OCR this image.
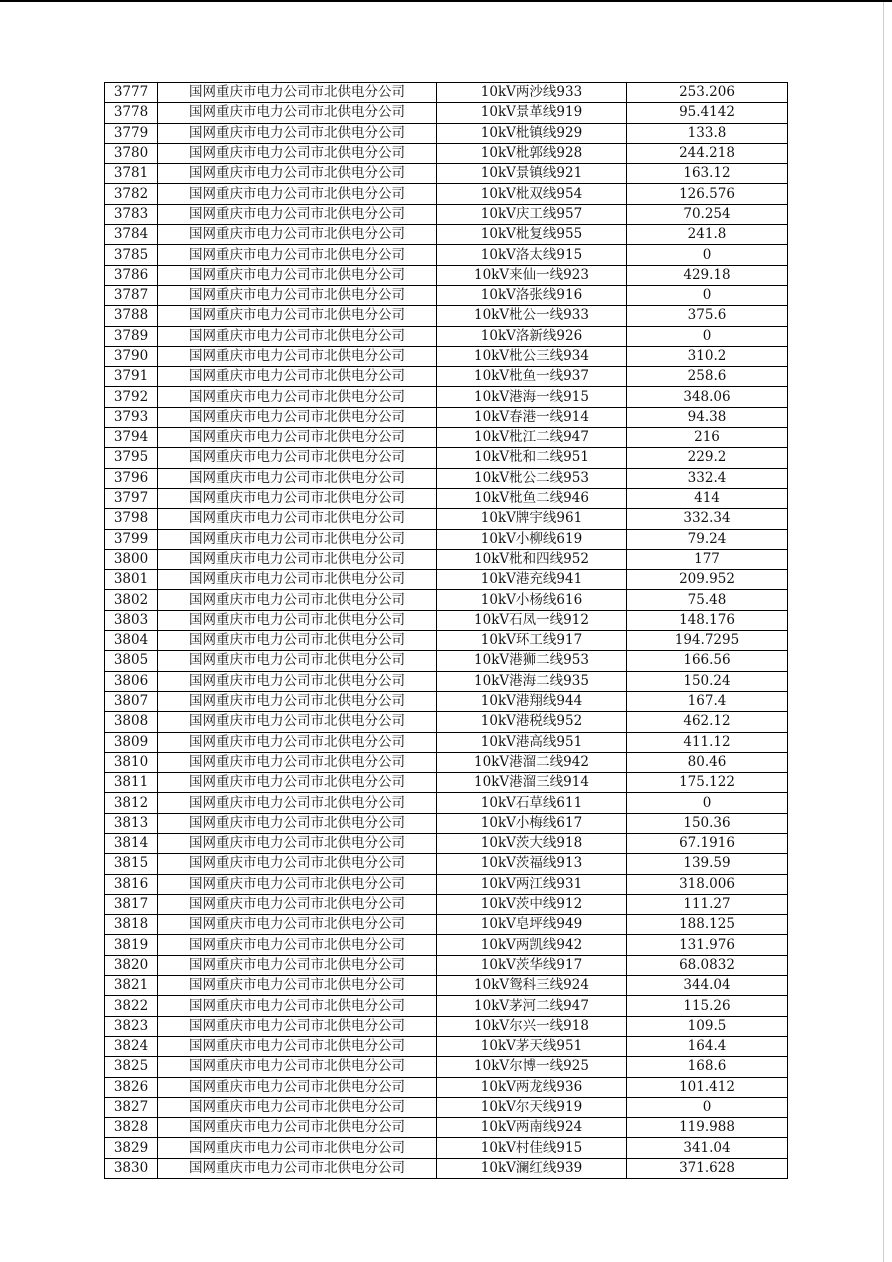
3777	国网重庆市电力公司市北供电分公司	10kV两沙线933	253.206
3778	国网重庆市电力公司市北供电分公司	10kV景革线919	95.4142
3779	国网重庆市电力公司市北供电分公司	10kV枇镇线929	133.8
3780	国网重庆市电力公司市北供电分公司	10kV枇郭线928	244.218
3781	国网重庆市电力公司市北供电分公司	10kV景镇线921	163.12
3782	国网重庆市电力公司市北供电分公司	10kV枇双线954	126.576
3783	国网重庆市电力公司市北供电分公司	10kV庆工线957	70.254
3784	国网重庆市电力公司市北供电分公司	10kV枇复线955	241.8
3785	国网重庆市电力公司市北供电分公司	10kV洛太线915	0
3786	国网重庆市电力公司市北供电分公司	10kV来仙一线923	429.18
3787	国网重庆市电力公司市北供电分公司	10kV洛张线916	0
3788	国网重庆市电力公司市北供电分公司	10kV枇公一线933	375.6
3789	国网重庆市电力公司市北供电分公司	10kV洛新线926	0
3790	国网重庆市电力公司市北供电分公司	10kV枇公三线934	310.2
3791	国网重庆市电力公司市北供电分公司	10kV枇鱼一线937	258.6
3792	国网重庆市电力公司市北供电分公司	10kV港海一线915	348.06
3793	国网重庆市电力公司市北供电分公司	10kV春港一线914	94.38
3794	国网重庆市电力公司市北供电分公司	10kV枇江二线947	216
3795	国网重庆市电力公司市北供电分公司	10kV枇和二线951	229.2
3796	国网重庆市电力公司市北供电分公司	10kV枇公二线953	332.4
3797	国网重庆市电力公司市北供电分公司	10kV枇鱼二线946	414
3798	国网重庆市电力公司市北供电分公司	10kV牌宇线961	332.34
3799	国网重庆市电力公司市北供电分公司	10kV小柳线619	79.24
3800	国网重庆市电力公司市北供电分公司	10kV枇和四线952	177
3801	国网重庆市电力公司市北供电分公司	10kV港充线941	209.952
3802	国网重庆市电力公司市北供电分公司	10kV小杨线616	75.48
3803	国网重庆市电力公司市北供电分公司	10kV石凤一线912	148.176
3804	国网重庆市电力公司市北供电分公司	10kV环工线917	194.7295
3805	国网重庆市电力公司市北供电分公司	10kV港狮二线953	166.56
3806	国网重庆市电力公司市北供电分公司	10kV港海二线935	150.24
3807	国网重庆市电力公司市北供电分公司	10kV港翔线944	167.4
3808	国网重庆市电力公司市北供电分公司	10kV港税线952	462.12
3809	国网重庆市电力公司市北供电分公司	10kV港高线951	411.12
3810	国网重庆市电力公司市北供电分公司	10kV港溜二线942	80.46
3811	国网重庆市电力公司市北供电分公司	10kV港溜三线914	175.122
3812	国网重庆市电力公司市北供电分公司	10kV石草线611	0
3813	国网重庆市电力公司市北供电分公司	10kV小梅线617	150.36
3814	国网重庆市电力公司市北供电分公司	10kV茨大线918	67.1916
3815	国网重庆市电力公司市北供电分公司	10kV茨福线913	139.59
3816	国网重庆市电力公司市北供电分公司	10kV两江线931	318.006
3817	国网重庆市电力公司市北供电分公司	10kV茨中线912	111.27
3818	国网重庆市电力公司市北供电分公司	10kV皂坪线949	188.125
3819	国网重庆市电力公司市北供电分公司	10kV两凯线942	131.976
3820	国网重庆市电力公司市北供电分公司	10kV茨华线917	68.0832
3821	国网重庆市电力公司市北供电分公司	10kV鸳科三线924	344.04
3822	国网重庆市电力公司市北供电分公司	10kV茅河二线947	115.26
3823	国网重庆市电力公司市北供电分公司	10kV尔兴一线918	109.5
3824	国网重庆市电力公司市北供电分公司	10kV茅天线951	164.4
3825	国网重庆市电力公司市北供电分公司	10kV尔博一线925	168.6
3826	国网重庆市电力公司市北供电分公司	10kV两龙线936	101.412
3827	国网重庆市电力公司市北供电分公司	10kV尔天线919	0
3828	国网重庆市电力公司市北供电分公司	10kV两南线924	119.988
3829	国网重庆市电力公司市北供电分公司	10kV村佳线915	341.04
3830	国网重庆市电力公司市北供电分公司	10kV澜红线939	371.628
